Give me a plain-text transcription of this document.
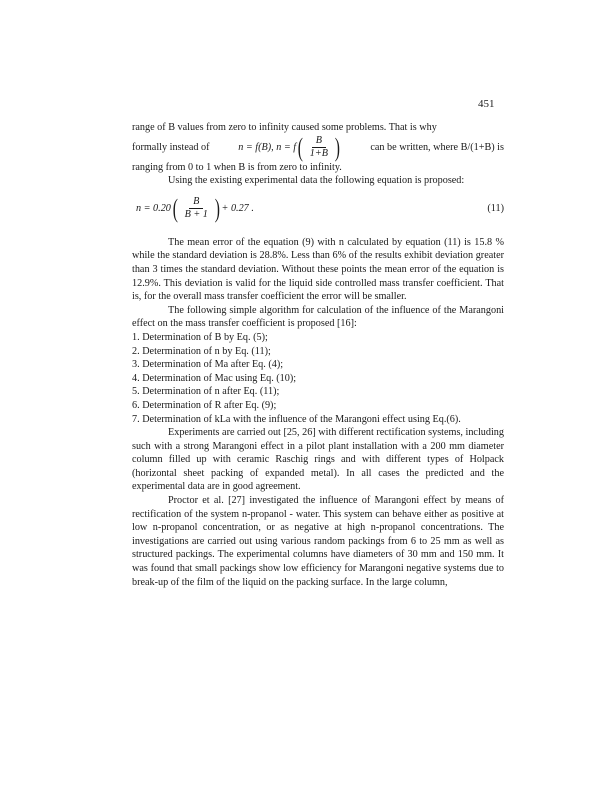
451

range of B values from zero to infinity caused some problems. That is why

formally instead of	n = f(B), n = f ( $\frac{B}{1+B}$ )	can be written, where B/(1+B) is

ranging from 0 to 1 when B is from zero to infinity.

Using the existing experimental data the following equation is proposed:

n = 0.20 ( $\frac{B}{B + 1}$ ) + 0.27 .	(11)

The mean error of the equation (9) with n calculated by equation (11) is 15.8 % while the standard deviation is 28.8%. Less than 6% of the results exhibit deviation greater than 3 times the standard deviation. Without these points the mean error of the equation is 12.9%. This deviation is valid for the liquid side controlled mass transfer coefficient. That is, for the overall mass transfer coefficient the error will be smaller.

The following simple algorithm for calculation of the influence of the Marangoni effect on the mass transfer coefficient is proposed [16]:

1. Determination of B by Eq. (5);
2. Determination of n by Eq. (11);
3. Determination of Ma after Eq. (4);
4. Determination of Mac using Eq. (10);
5. Determination of n after Eq. (11);
6. Determination of R after Eq. (9);
7. Determination of kLa with the influence of the Marangoni effect using Eq.(6).

Experiments are carried out [25, 26] with different rectification systems, including such with a strong Marangoni effect in a pilot plant installation with a 200 mm diameter column filled up with ceramic Raschig rings and with different types of Holpack (horizontal sheet packing of expanded metal). In all cases the predicted and the experimental data are in good agreement.

Proctor et al. [27] investigated the influence of Marangoni effect by means of rectification of the system n-propanol - water. This system can behave either as positive at low n-propanol concentration, or as negative at high n-propanol concentrations. The investigations are carried out using various random packings from 6 to 25 mm as well as structured packings. The experimental columns have diameters of 30 mm and 150 mm. It was found that small packings show low efficiency for Marangoni negative systems due to break-up of the film of the liquid on the packing surface. In the large column,
